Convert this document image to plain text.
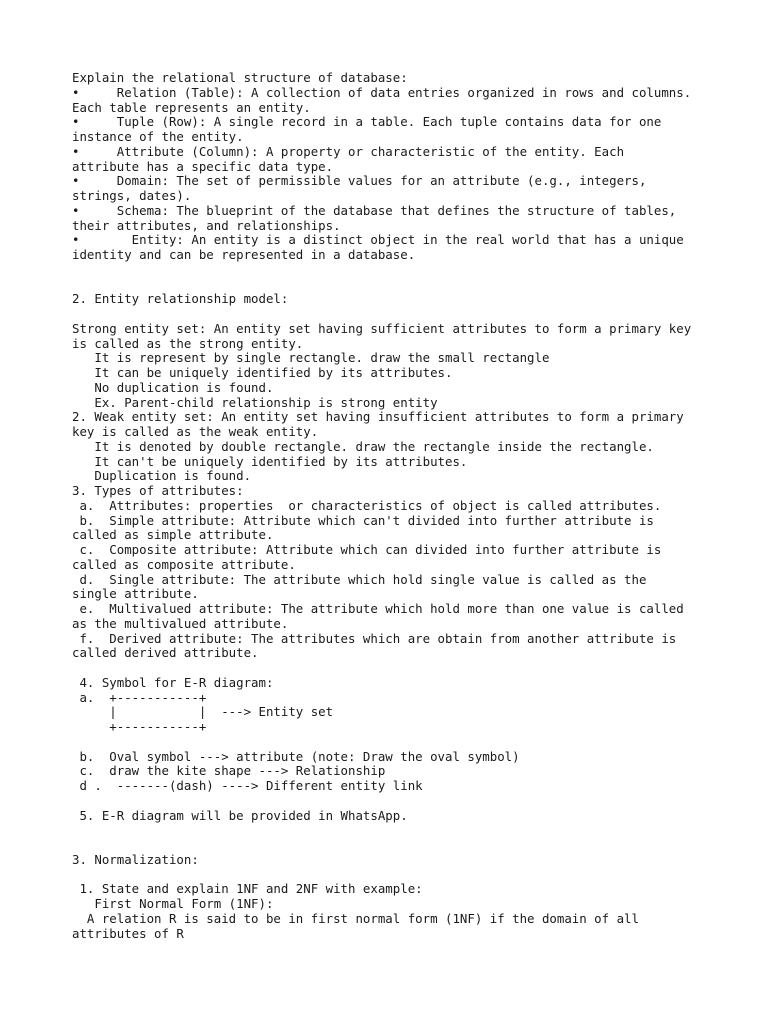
Explain the relational structure of database:
•     Relation (Table): A collection of data entries organized in rows and columns.
Each table represents an entity.
•     Tuple (Row): A single record in a table. Each tuple contains data for one
instance of the entity.
•     Attribute (Column): A property or characteristic of the entity. Each
attribute has a specific data type.
•     Domain: The set of permissible values for an attribute (e.g., integers,
strings, dates).
•     Schema: The blueprint of the database that defines the structure of tables,
their attributes, and relationships.
•       Entity: An entity is a distinct object in the real world that has a unique
identity and can be represented in a database.
2. Entity relationship model:
Strong entity set: An entity set having sufficient attributes to form a primary key
is called as the strong entity.
It is represent by single rectangle. draw the small rectangle
It can be uniquely identified by its attributes.
No duplication is found.
Ex. Parent-child relationship is strong entity
2. Weak entity set: An entity set having insufficient attributes to form a primary
key is called as the weak entity.
It is denoted by double rectangle. draw the rectangle inside the rectangle.
It can't be uniquely identified by its attributes.
Duplication is found.
3. Types of attributes:
a.  Attributes: properties  or characteristics of object is called attributes.
b.  Simple attribute: Attribute which can't divided into further attribute is
called as simple attribute.
c.  Composite attribute: Attribute which can divided into further attribute is
called as composite attribute.
d.  Single attribute: The attribute which hold single value is called as the
single attribute.
e.  Multivalued attribute: The attribute which hold more than one value is called
as the multivalued attribute.
f.  Derived attribute: The attributes which are obtain from another attribute is
called derived attribute.
4. Symbol for E-R diagram:
a.  +-----------+
|           |  ---> Entity set
+-----------+
b.  Oval symbol ---> attribute (note: Draw the oval symbol)
c.  draw the kite shape ---> Relationship
d .  -------(dash) ----> Different entity link
5. E-R diagram will be provided in WhatsApp.
3. Normalization:
1. State and explain 1NF and 2NF with example:
First Normal Form (1NF):
A relation R is said to be in first normal form (1NF) if the domain of all
attributes of R
